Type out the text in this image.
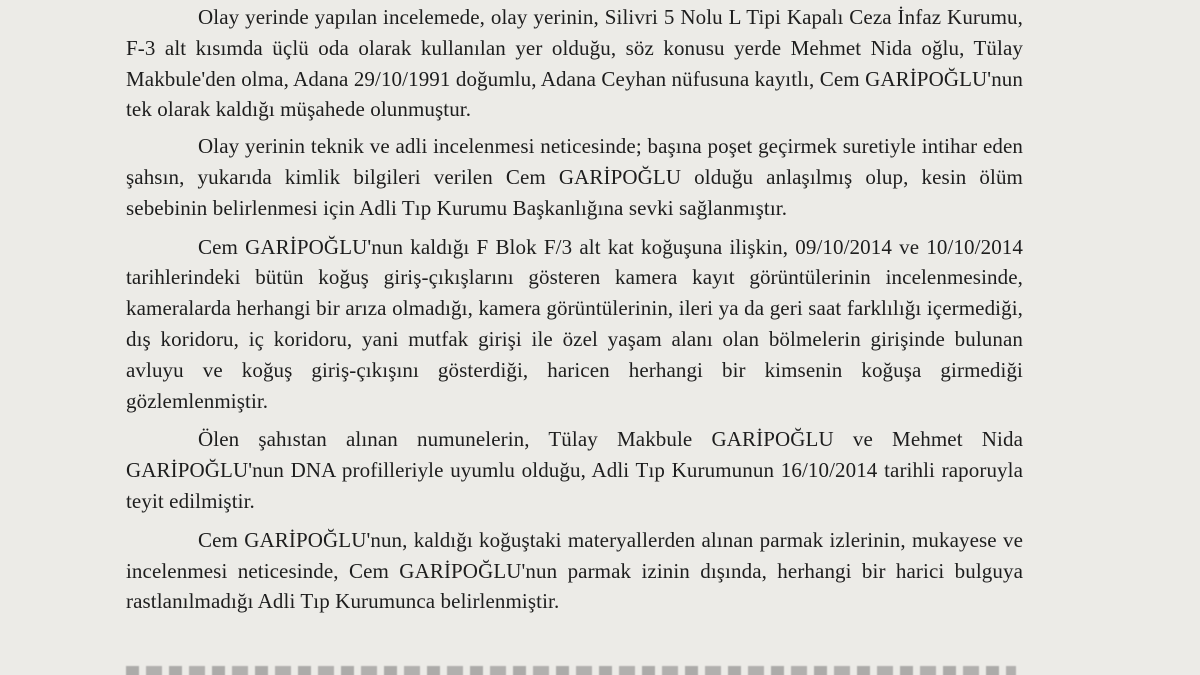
Olay yerinde yapılan incelemede, olay yerinin, Silivri 5 Nolu L Tipi Kapalı Ceza İnfaz Kurumu, F-3 alt kısımda üçlü oda olarak kullanılan yer olduğu, söz konusu yerde Mehmet Nida oğlu, Tülay Makbule'den olma, Adana 29/10/1991 doğumlu, Adana Ceyhan nüfusuna kayıtlı, Cem GARİPOĞLU'nun tek olarak kaldığı müşahede olunmuştur.

Olay yerinin teknik ve adli incelenmesi neticesinde; başına poşet geçirmek suretiyle intihar eden şahsın, yukarıda kimlik bilgileri verilen Cem GARİPOĞLU olduğu anlaşılmış olup, kesin ölüm sebebinin belirlenmesi için Adli Tıp Kurumu Başkanlığına sevki sağlanmıştır.

Cem GARİPOĞLU'nun kaldığı F Blok F/3 alt kat koğuşuna ilişkin, 09/10/2014 ve 10/10/2014 tarihlerindeki bütün koğuş giriş-çıkışlarını gösteren kamera kayıt görüntülerinin incelenmesinde, kameralarda herhangi bir arıza olmadığı, kamera görüntülerinin, ileri ya da geri saat farklılığı içermediği, dış koridoru, iç koridoru, yani mutfak girişi ile özel yaşam alanı olan bölmelerin girişinde bulunan avluyu ve koğuş giriş-çıkışını gösterdiği, haricen herhangi bir kimsenin koğuşa girmediği gözlemlenmiştir.

Ölen şahıstan alınan numunelerin, Tülay Makbule GARİPOĞLU ve Mehmet Nida GARİPOĞLU'nun DNA profilleriyle uyumlu olduğu, Adli Tıp Kurumunun 16/10/2014 tarihli raporuyla teyit edilmiştir.

Cem GARİPOĞLU'nun, kaldığı koğuştaki materyallerden alınan parmak izlerinin, mukayese ve incelenmesi neticesinde, Cem GARİPOĞLU'nun parmak izinin dışında, herhangi bir harici bulguya rastlanılmadığı Adli Tıp Kurumunca belirlenmiştir.
